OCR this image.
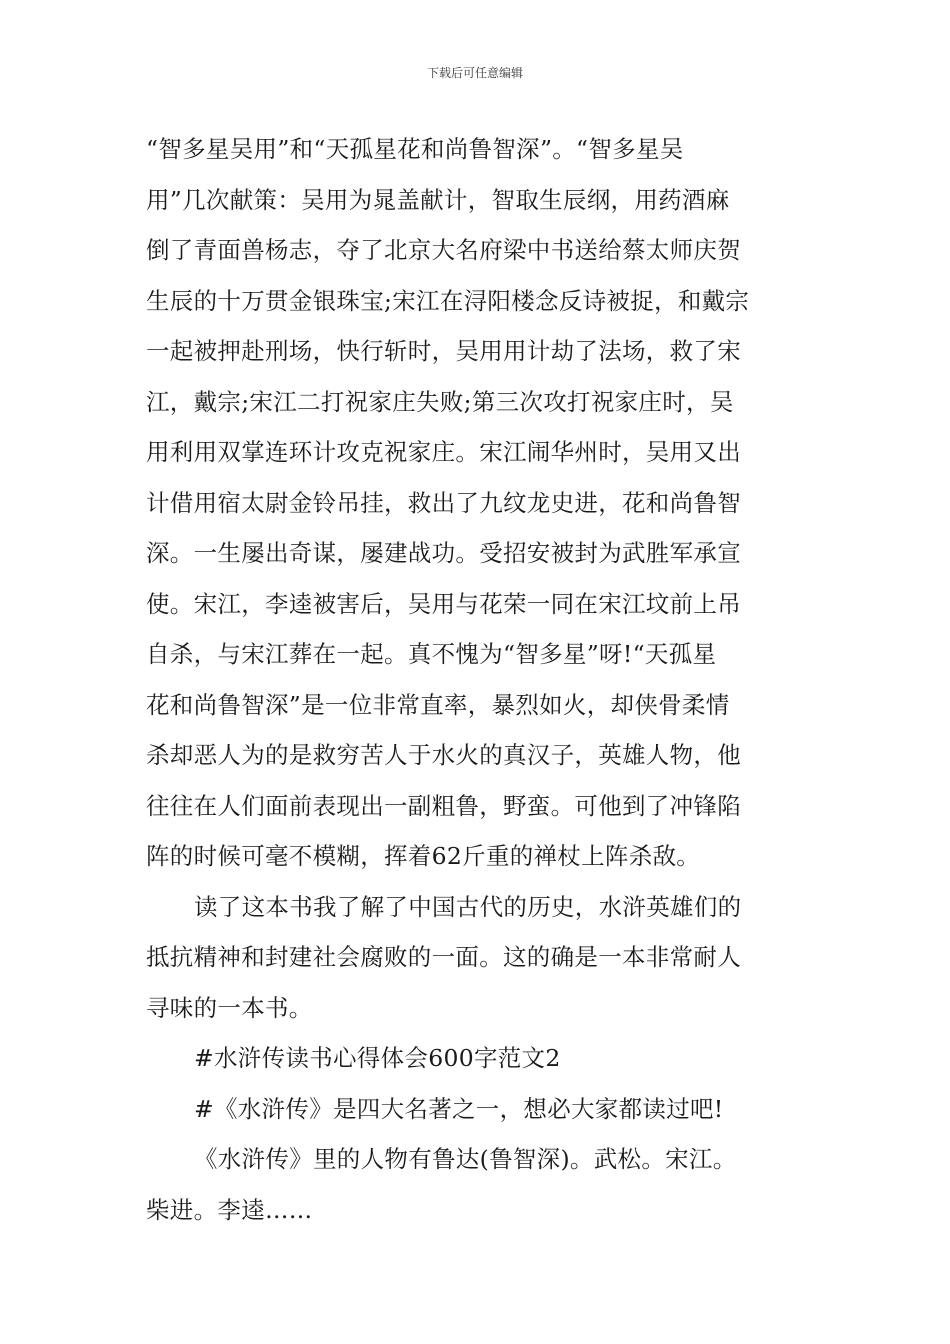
下载后可任意编辑
“智多星吴用”和“天孤星花和尚鲁智深”。“智多星吴
用”几次献策：吴用为晁盖献计，智取生辰纲，用药酒麻
倒了青面兽杨志，夺了北京大名府梁中书送给蔡太师庆贺
生辰的十万贯金银珠宝;宋江在浔阳楼念反诗被捉，和戴宗
一起被押赴刑场，快行斩时，吴用用计劫了法场，救了宋
江，戴宗;宋江二打祝家庄失败;第三次攻打祝家庄时，吴
用利用双掌连环计攻克祝家庄。宋江闹华州时，吴用又出
计借用宿太尉金铃吊挂，救出了九纹龙史进，花和尚鲁智
深。一生屡出奇谋，屡建战功。受招安被封为武胜军承宣
使。宋江，李逵被害后，吴用与花荣一同在宋江坟前上吊
自杀，与宋江葬在一起。真不愧为“智多星”呀!“天孤星
花和尚鲁智深”是一位非常直率，暴烈如火，却侠骨柔情
杀却恶人为的是救穷苦人于水火的真汉子，英雄人物，他
往往在人们面前表现出一副粗鲁，野蛮。可他到了冲锋陷
阵的时候可毫不模糊，挥着62斤重的禅杖上阵杀敌。
读了这本书我了解了中国古代的历史，水浒英雄们的
抵抗精神和封建社会腐败的一面。这的确是一本非常耐人
寻味的一本书。
#水浒传读书心得体会600字范文2
#《水浒传》是四大名著之一，想必大家都读过吧!
《水浒传》里的人物有鲁达(鲁智深)。武松。宋江。
柴进。李逵……
